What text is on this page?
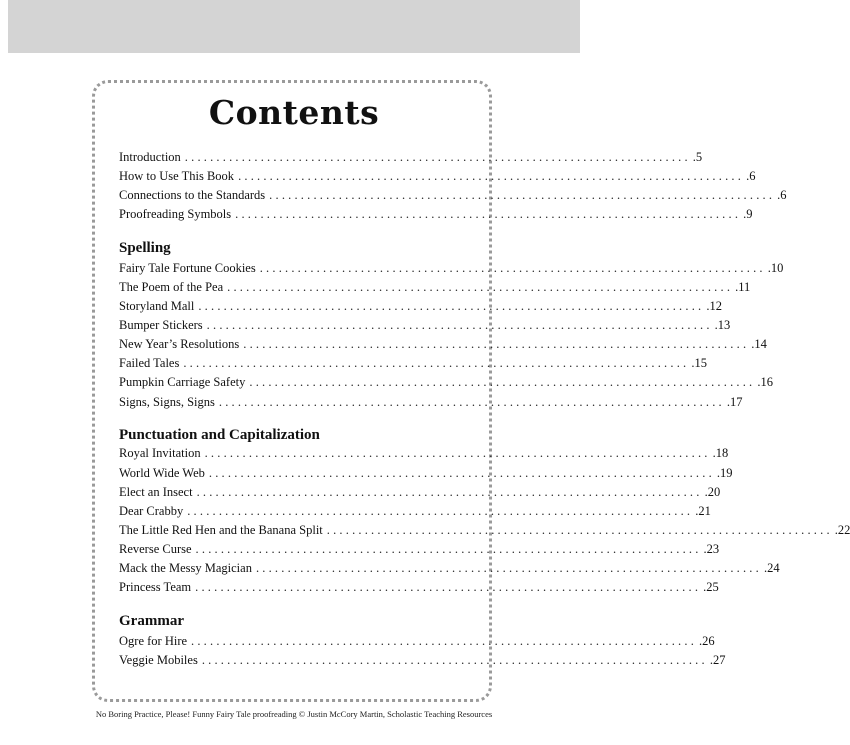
Contents
Introduction ................................................................................ .5
How to Use This Book ................................................................................ .6
Connections to the Standards ................................................................................ .6
Proofreading Symbols ................................................................................ .9
Spelling
Fairy Tale Fortune Cookies ................................................................................ .10
The Poem of the Pea ................................................................................ .11
Storyland Mall ................................................................................ .12
Bumper Stickers ................................................................................ .13
New Year’s Resolutions ................................................................................ .14
Failed Tales ................................................................................ .15
Pumpkin Carriage Safety ................................................................................ .16
Signs, Signs, Signs ................................................................................ .17
Punctuation and Capitalization
Royal Invitation ................................................................................ .18
World Wide Web ................................................................................ .19
Elect an Insect ................................................................................ .20
Dear Crabby ................................................................................ .21
The Little Red Hen and the Banana Split ................................................................................ .22
Reverse Curse ................................................................................ .23
Mack the Messy Magician ................................................................................ .24
Princess Team ................................................................................ .25
Grammar
Ogre for Hire ................................................................................ .26
Veggie Mobiles ................................................................................ .27
No Boring Practice, Please! Funny Fairy Tale proofreading © Justin McCory Martin, Scholastic Teaching Resources
